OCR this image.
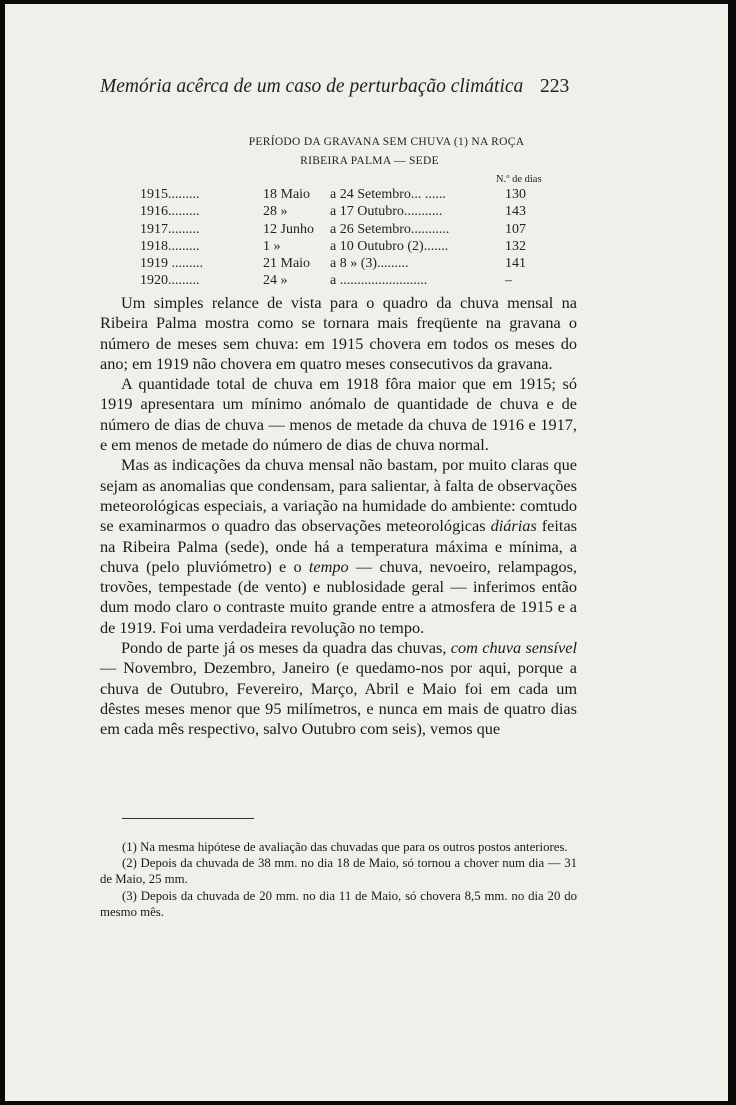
Memória acêrca de um caso de perturbação climática 223
PERÍODO DA GRAVANA SEM CHUVA (1) NA ROÇA
RIBEIRA PALMA — SEDE
N.º de dias
1915.........	18 Maio	a 24 Setembro... ......	130
1916.........	28 »	a 17 Outubro...........	143
1917.........	12 Junho	a 26 Setembro...........	107
1918.........	1 »	a 10 Outubro (2).......	132
1919 .........	21 Maio	a 8 » (3).........	141
1920.........	24 »	a .........................	–

Um simples relance de vista para o quadro da chuva mensal na Ribeira Palma mostra como se tornara mais freqüente na gravana o número de meses sem chuva: em 1915 chovera em todos os meses do ano; em 1919 não chovera em quatro meses consecutivos da gravana.

A quantidade total de chuva em 1918 fôra maior que em 1915; só 1919 apresentara um mínimo anómalo de quantidade de chuva e de número de dias de chuva — menos de metade da chuva de 1916 e 1917, e em menos de metade do número de dias de chuva normal.

Mas as indicações da chuva mensal não bastam, por muito claras que sejam as anomalias que condensam, para salientar, à falta de observações meteorológicas especiais, a variação na humidade do ambiente: comtudo se examinarmos o quadro das observações meteorológicas diárias feitas na Ribeira Palma (sede), onde há a temperatura máxima e mínima, a chuva (pelo pluviómetro) e o tempo — chuva, nevoeiro, relampagos, trovões, tempestade (de vento) e nublosidade geral — inferimos então dum modo claro o contraste muito grande entre a atmosfera de 1915 e a de 1919. Foi uma verdadeira revolução no tempo.

Pondo de parte já os meses da quadra das chuvas, com chuva sensível — Novembro, Dezembro, Janeiro (e quedamo-nos por aqui, porque a chuva de Outubro, Fevereiro, Março, Abril e Maio foi em cada um dêstes meses menor que 95 milímetros, e nunca em mais de quatro dias em cada mês respectivo, salvo Outubro com seis), vemos que

(1) Na mesma hipótese de avaliação das chuvadas que para os outros postos anteriores.

(2) Depois da chuvada de 38 mm. no dia 18 de Maio, só tornou a chover num dia — 31 de Maio, 25 mm.

(3) Depois da chuvada de 20 mm. no dia 11 de Maio, só chovera 8,5 mm. no dia 20 do mesmo mês.
